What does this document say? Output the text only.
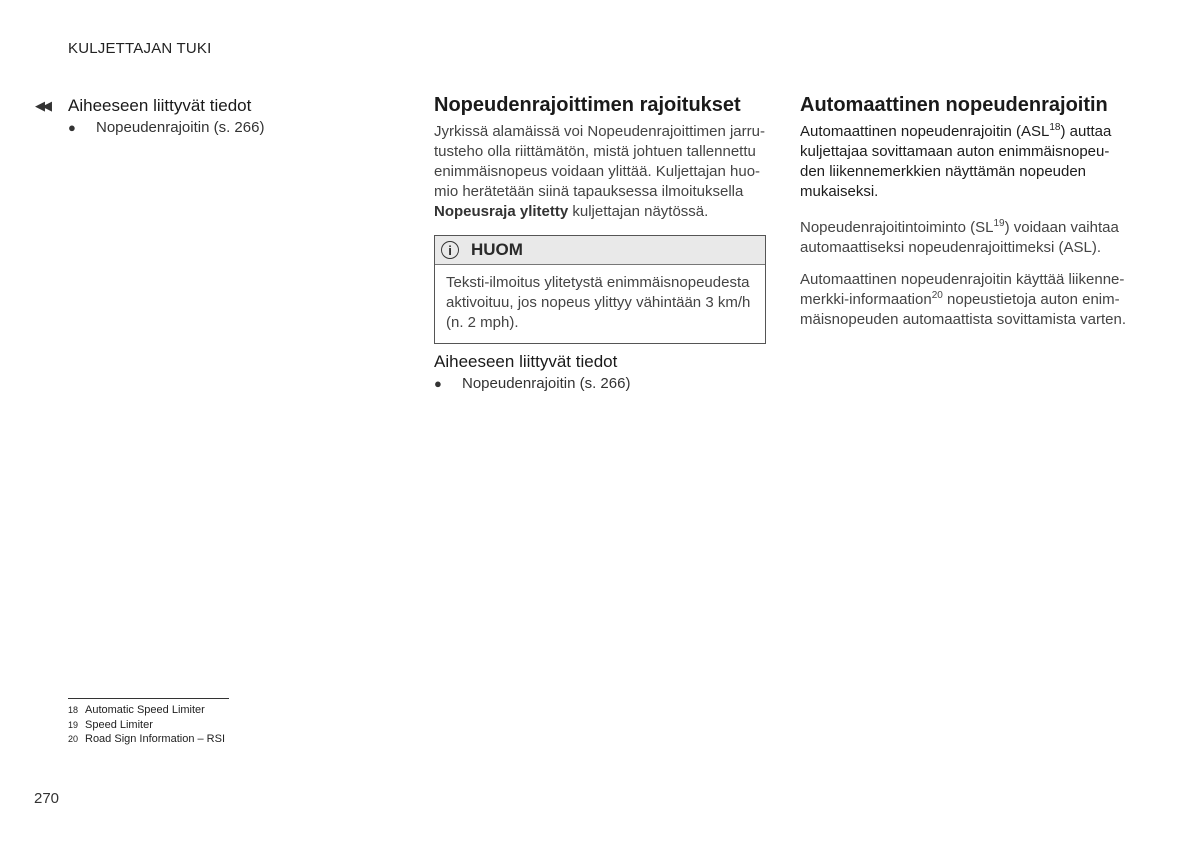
KULJETTAJAN TUKI
◀◀ Aiheeseen liittyvät tiedot
●	Nopeudenrajoitin (s. 266)
Nopeudenrajoittimen rajoitukset
Jyrkissä alamäissä voi Nopeudenrajoittimen jarru-
tusteho olla riittämätön, mistä johtuen tallennettu
enimmäisnopeus voidaan ylittää. Kuljettajan huo-
mio herätetään siinä tapauksessa ilmoituksella
Nopeusraja ylitetty kuljettajan näytössä.
i	HUOM
Teksti-ilmoitus ylitetystä enimmäisnopeudesta
aktivoituu, jos nopeus ylittyy vähintään 3 km/h
(n. 2 mph).
Aiheeseen liittyvät tiedot
●	Nopeudenrajoitin (s. 266)
Automaattinen nopeudenrajoitin

Automaattinen nopeudenrajoitin (ASL$^{18}$) auttaa
kuljettajaa sovittamaan auton enimmäisnopeu-
den liikennemerkkien näyttämän nopeuden
mukaiseksi.

Nopeudenrajoitintoiminto (SL$^{19}$) voidaan vaihtaa
automaattiseksi nopeudenrajoittimeksi (ASL).

Automaattinen nopeudenrajoitin käyttää liikenne-
merkki-informaation$^{20}$ nopeustietoja auton enim-
mäisnopeuden automaattista sovittamista varten.

18 Automatic Speed Limiter
19 Speed Limiter
20 Road Sign Information – RSI
270
